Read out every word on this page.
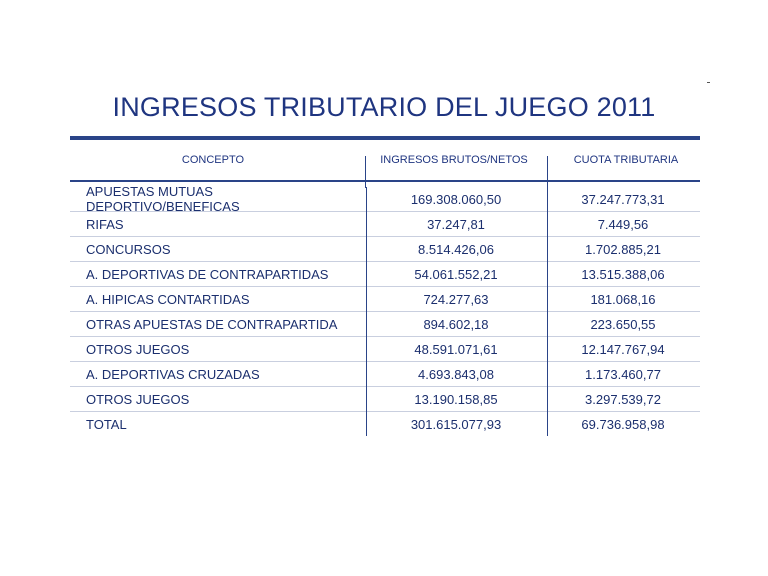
INGRESOS TRIBUTARIO DEL JUEGO 2011
CONCEPTO	INGRESOS BRUTOS/NETOS	CUOTA TRIBUTARIA
APUESTAS MUTUAS DEPORTIVO/BENEFICAS	169.308.060,50	37.247.773,31
RIFAS	37.247,81	7.449,56
CONCURSOS	8.514.426,06	1.702.885,21
A. DEPORTIVAS DE CONTRAPARTIDAS	54.061.552,21	13.515.388,06
A. HIPICAS CONTARTIDAS	724.277,63	181.068,16
OTRAS APUESTAS DE CONTRAPARTIDA	894.602,18	223.650,55
OTROS JUEGOS	48.591.071,61	12.147.767,94
A. DEPORTIVAS CRUZADAS	4.693.843,08	1.173.460,77
OTROS JUEGOS	13.190.158,85	3.297.539,72
TOTAL	301.615.077,93	69.736.958,98
